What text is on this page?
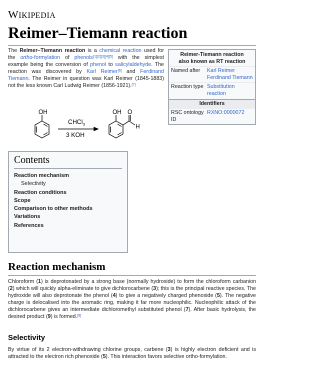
Wikipedia
Reimer–Tiemann reaction

The Reimer–Tiemann reaction is a chemical reaction used for the ortho-formylation of phenols[1][2][3][4][5] with the simplest example being the conversion of phenol to salicylaldehyde. The reaction was discovered by Karl Reimer[6] and Ferdinand Tiemann. The Reimer in question was Karl Reimer (1845-1883) not the less known Carl Ludwig Reimer (1856-1921).[7]

OH
CHCl$_3$
3 KOH
OH O
H
Reimer-Tiemann reaction
also known as RT reaction
Named after	Karl Reimer Ferdinand Tiemann
Reaction type Substitution reaction
Identifiers
RSC ontology ID
RXNO:0000072
Contents
Reaction mechanism
Selectivity
Reaction conditions
Scope
Comparison to other methods
Variations
References
Reaction mechanism

Chloroform (1) is deprotonated by a strong base (normally hydroxide) to form the chloroform carbanion (2) which will quickly alpha-eliminate to give dichlorocarbene (3); this is the principal reactive species. The hydroxide will also deprotonate the phenol (4) to give a negatively charged phenoxide (5). The negative charge is delocalised into the aromatic ring, making it far more nucleophilic. Nucleophilic attack of the dichlorocarbene gives an intermediate dichloromethyl substituted phenol (7). After basic hydrolysis, the desired product (9) is formed.[8]

Selectivity

By virtue of its 2 electron-withdrawing chlorine groups, carbene (3) is highly electron deficient and is attracted to the electron rich phenoxide (5). This interaction favors selective ortho-formylation.
